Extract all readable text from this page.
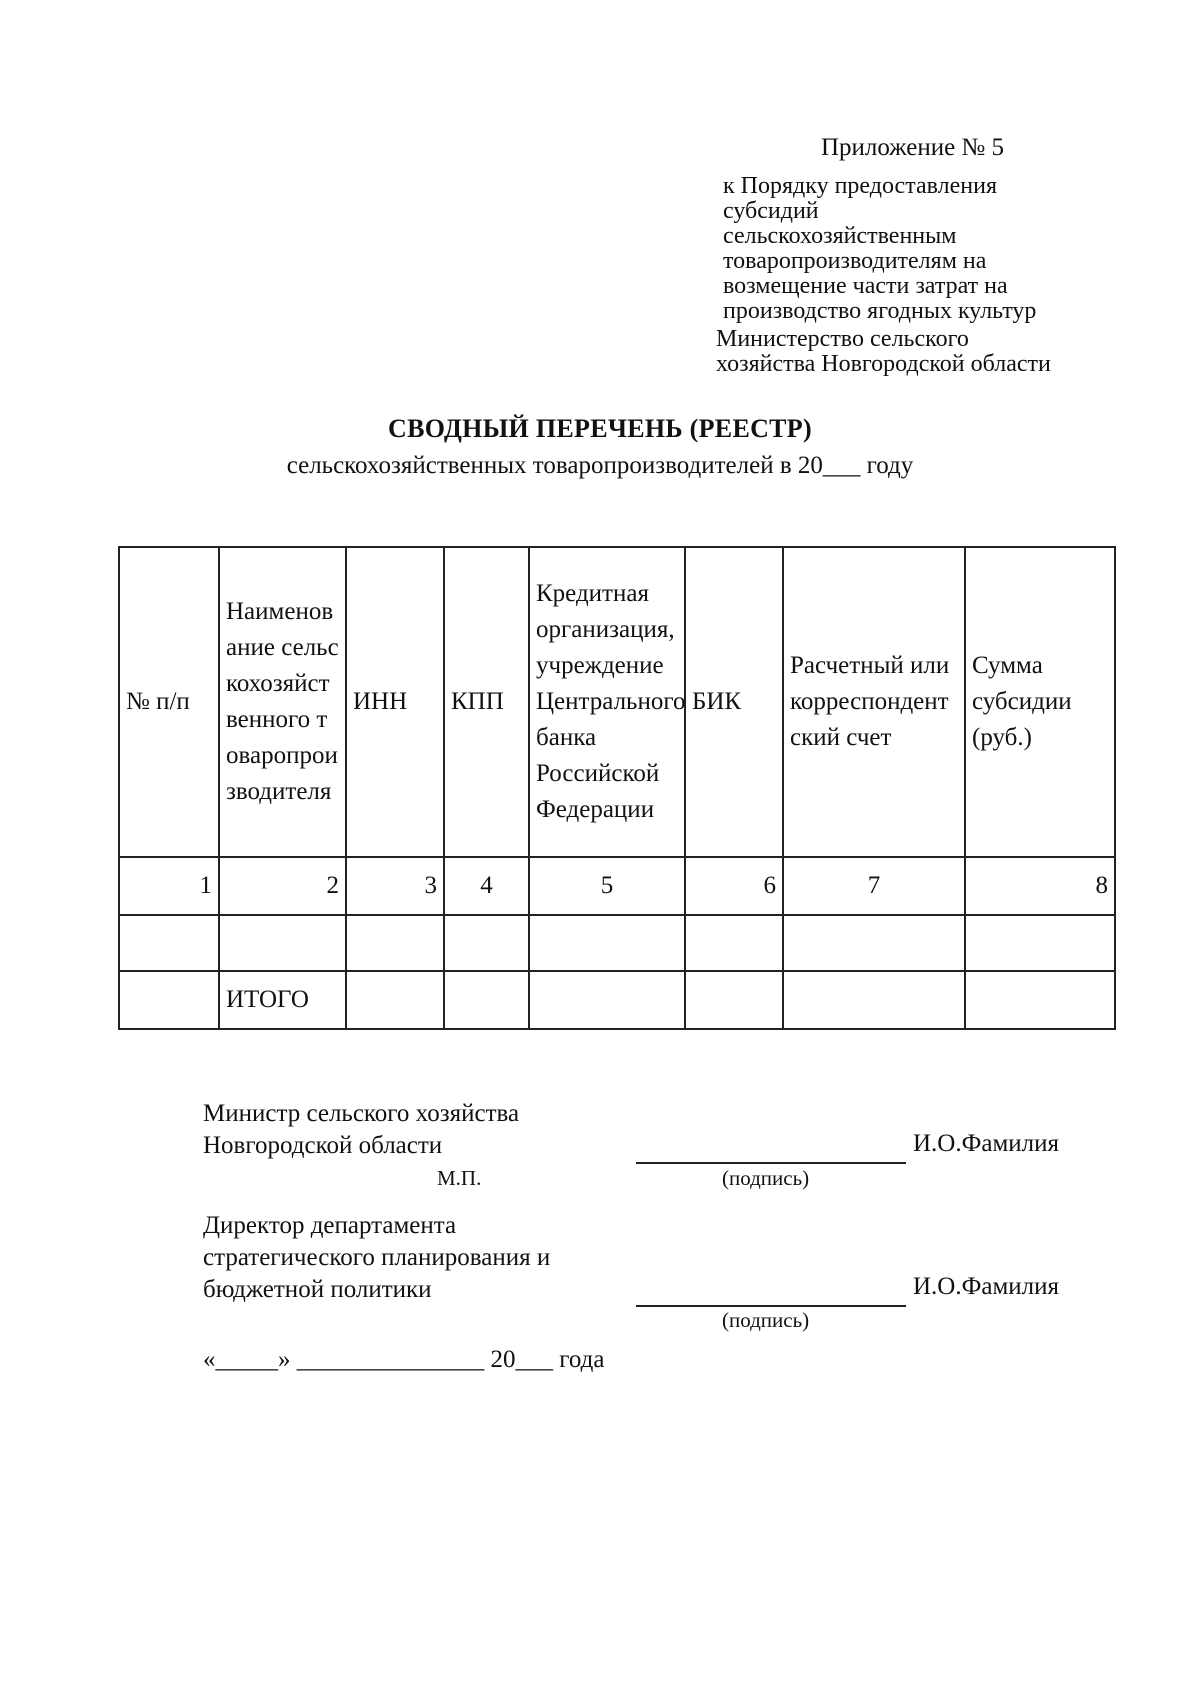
Приложение № 5
к Порядку предоставления
субсидий
сельскохозяйственным
товаропроизводителям на
возмещение части затрат на
производство ягодных культур
Министерство сельского
хозяйства Новгородской области
СВОДНЫЙ ПЕРЕЧЕНЬ (РЕЕСТР)
сельскохозяйственных товаропроизводителей в 20___ году
№ п/п	Наименование сельскохозяйственного товаропроизводителя	ИНН	КПП	Кредитная организация, учреждение Центрального банка Российской Федерации	БИК	Расчетный или корреспондентский счет	Сумма субсидии (руб.)
1	2	3	4	5	6	7	8

	ИТОГО						
Министр сельского хозяйства
Новгородской области	И.О.Фамилия
М.П.	(подпись)
Директор департамента
стратегического планирования и
бюджетной политики	И.О.Фамилия
(подпись)
«_____» _______________ 20___ года
